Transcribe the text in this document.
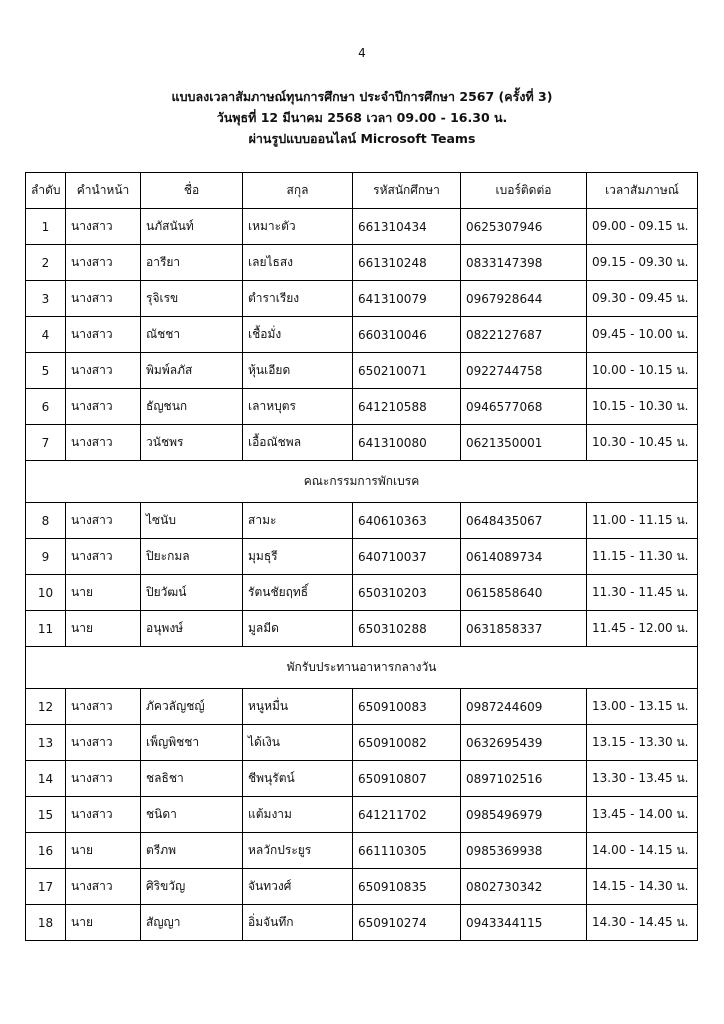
4
แบบลงเวลาสัมภาษณ์ทุนการศึกษา ประจำปีการศึกษา 2567 (ครั้งที่ 3)
วันพุธที่ 12 มีนาคม 2568 เวลา 09.00 - 16.30 น.
ผ่านรูปแบบออนไลน์ Microsoft Teams
ลำดับ	คำนำหน้า	ชื่อ	สกุล	รหัสนักศึกษา	เบอร์ติดต่อ	เวลาสัมภาษณ์
1	นางสาว	นภัสนันท์	เหมาะตัว	661310434	0625307946	09.00 - 09.15 น.
2	นางสาว	อารียา	เลยไธสง	661310248	0833147398	09.15 - 09.30 น.
3	นางสาว	รุจิเรข	ตำราเรียง	641310079	0967928644	09.30 - 09.45 น.
4	นางสาว	ณัชชา	เชื้อมั่ง	660310046	0822127687	09.45 - 10.00 น.
5	นางสาว	พิมพ์ลภัส	หุ้นเอียด	650210071	0922744758	10.00 - 10.15 น.
6	นางสาว	ธัญชนก	เลาหบุตร	641210588	0946577068	10.15 - 10.30 น.
7	นางสาว	วนัชพร	เอื้อณัชพล	641310080	0621350001	10.30 - 10.45 น.
คณะกรรมการพักเบรค						
8	นางสาว	ไซนับ	สามะ	640610363	0648435067	11.00 - 11.15 น.
9	นางสาว	ปิยะกมล	มุมธุรี	640710037	0614089734	11.15 - 11.30 น.
10	นาย	ปิยวัฒน์	รัตนชัยฤทธิ์	650310203	0615858640	11.30 - 11.45 น.
11	นาย	อนุพงษ์	มูลมีด	650310288	0631858337	11.45 - 12.00 น.
พักรับประทานอาหารกลางวัน						
12	นางสาว	ภัควลัญชญ์	หนูหมื่น	650910083	0987244609	13.00 - 13.15 น.
13	นางสาว	เพ็ญพิชชา	ได้เงิน	650910082	0632695439	13.15 - 13.30 น.
14	นางสาว	ชลธิชา	ชีพนุรัตน์	650910807	0897102516	13.30 - 13.45 น.
15	นางสาว	ชนิดา	แต้มงาม	641211702	0985496979	13.45 - 14.00 น.
16	นาย	ตรีภพ	หลวักประยูร	661110305	0985369938	14.00 - 14.15 น.
17	นางสาว	ศิริขวัญ	จันทวงศ์	650910835	0802730342	14.15 - 14.30 น.
18	นาย	สัญญา	อิ่มจันทึก	650910274	0943344115	14.30 - 14.45 น.
